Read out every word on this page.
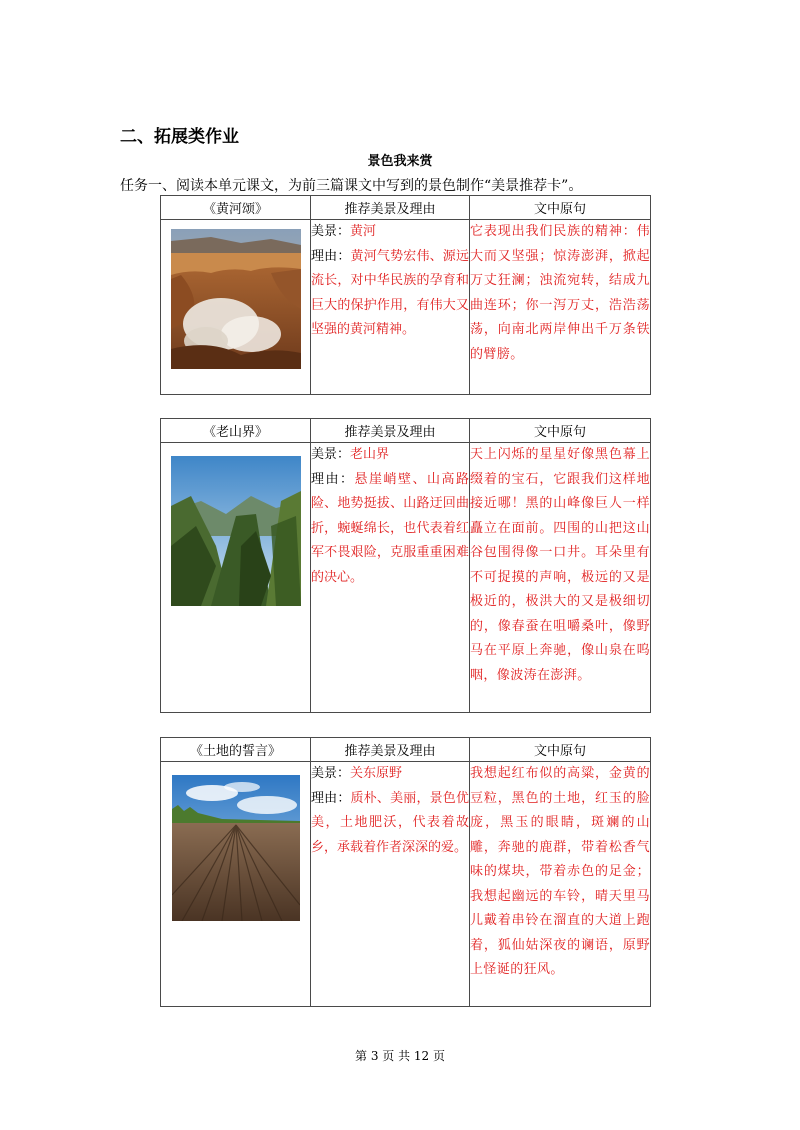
二、拓展类作业
景色我来赏
任务一、阅读本单元课文，为前三篇课文中写到的景色制作“美景推荐卡”。
《黄河颂》	推荐美景及理由	文中原句

	美景：黄河
理由：黄河气势宏伟、源远流长，对中华民族的孕育和巨大的保护作用，有伟大又坚强的黄河精神。	它表现出我们民族的精神：伟大而又坚强；惊涛澎湃，掀起万丈狂澜；浊流宛转，结成九曲连环；你一泻万丈，浩浩荡荡，向南北两岸伸出千万条铁的臂膀。
《老山界》	推荐美景及理由	文中原句

	美景：老山界
理由：悬崖峭壁、山高路险、地势挺拔、山路迂回曲折，蜿蜒绵长，也代表着红军不畏艰险，克服重重困难的决心。	天上闪烁的星星好像黑色幕上缀着的宝石，它跟我们这样地接近哪！黑的山峰像巨人一样矗立在面前。四围的山把这山谷包围得像一口井。耳朵里有不可捉摸的声响，极远的又是极近的，极洪大的又是极细切的，像春蚕在咀嚼桑叶，像野马在平原上奔驰，像山泉在呜咽，像波涛在澎湃。
《土地的誓言》	推荐美景及理由	文中原句

	美景：关东原野
理由：质朴、美丽，景色优美，土地肥沃，代表着故乡，承载着作者深深的爱。	我想起红布似的高粱，金黄的豆粒，黑色的土地，红玉的脸庞，黑玉的眼睛，斑斓的山雕，奔驰的鹿群，带着松香气味的煤块，带着赤色的足金；我想起幽远的车铃，晴天里马儿戴着串铃在溜直的大道上跑着，狐仙姑深夜的谰语，原野上怪诞的狂风。
第 3 页 共 12 页
